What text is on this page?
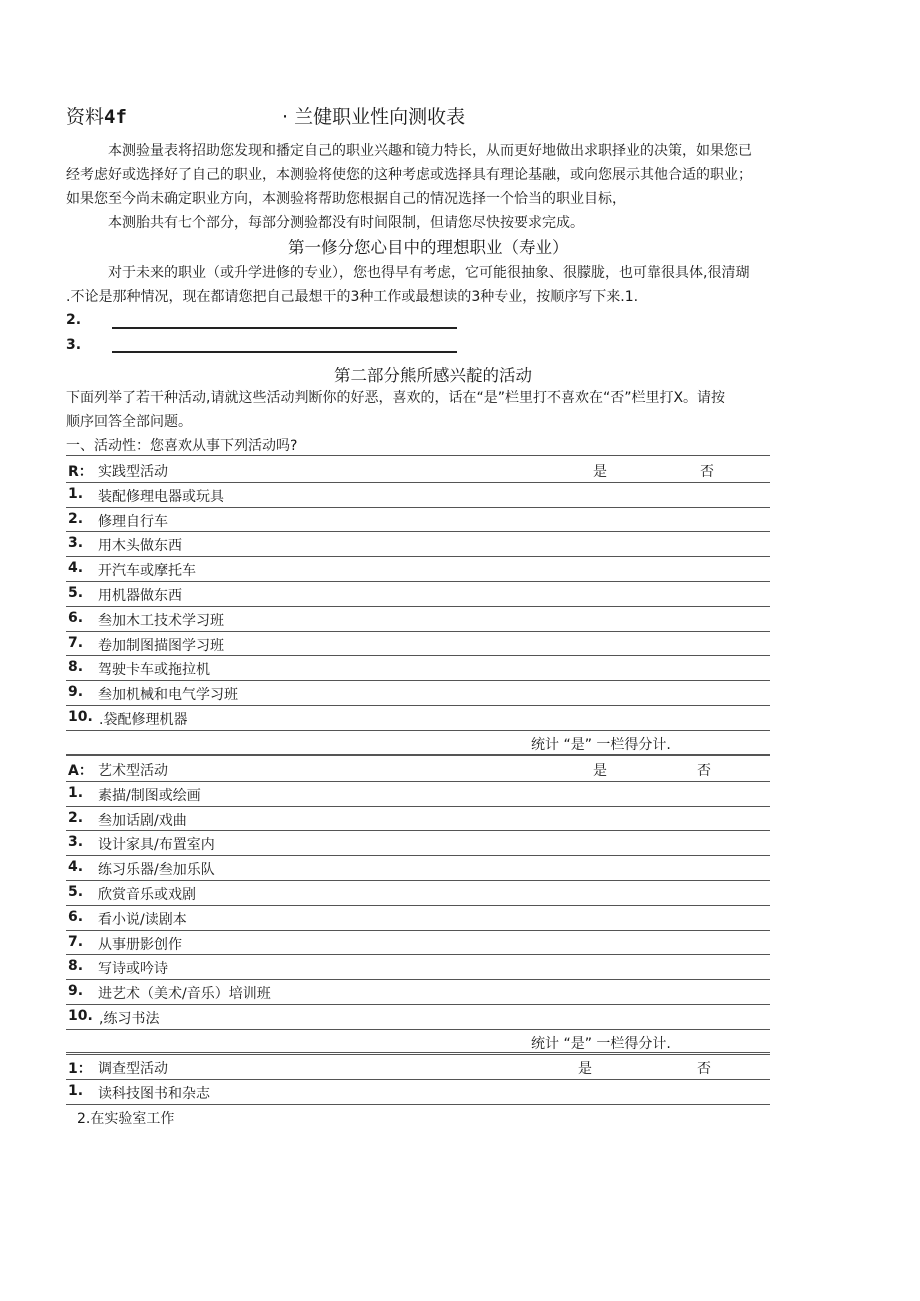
资料4f	· 兰健职业性向测收表
本测验量表将招助您发现和播定自己的职业兴趣和镜力特长，从而更好地做出求职择业的决策，如果您已
经考虑好或选择好了自己的职业，本测验将使您的这种考虑或选择具有理论基融，或向您展示其他合适的职业；
如果您至今尚未确定职业方向，本测验将帮助您根据自己的情况选择一个恰当的职业目标，
本测胎共有七个部分，每部分测验都没有时间限制，但请您尽快按要求完成。
第一修分您心目中的理想职业（寿业）
对于未来的职业（或升学进修的专业），您也得早有考虑，它可能很抽象、很朦胧，也可靠很具体,很清瑚
.不论是那种情况，现在都请您把自己最想干的3种工作或最想读的3种专业，按顺序写下来.1.
2.
3.
第二部分熊所感兴靛的活动
下面列举了若干种活动,请就这些活动判断你的好恶，喜欢的，话在“是”栏里打不喜欢在“否”栏里打X。请按
顺序回答全部问题。
一、活动性：您喜欢从事下列活动吗?
R： 实践型活动	是	否
1. 装配修理电器或玩具
2. 修理自行车
3. 用木头做东西
4. 开汽车或摩托车
5. 用机器做东西
6. 叁加木工技术学习班
7. 卷加制图描图学习班
8. 驾驶卡车或拖拉机
9. 叁加机械和电气学习班
10. .袋配修理机器
统计 “是” 一栏得分计.
A： 艺术型活动	是	否
1. 素描/制图或绘画
2. 叁加话剧/戏曲
3. 设计家具/布置室内
4. 练习乐器/叁加乐队
5. 欣赏音乐或戏剧
6. 看小说/读剧本
7. 从事册影创作
8. 写诗或吟诗
9. 进艺术（美术/音乐）培训班
10. ,练习书法
统计 “是” 一栏得分计.
1： 调查型活动	是	否
1. 读科技图书和杂志
2.在实验室工作
